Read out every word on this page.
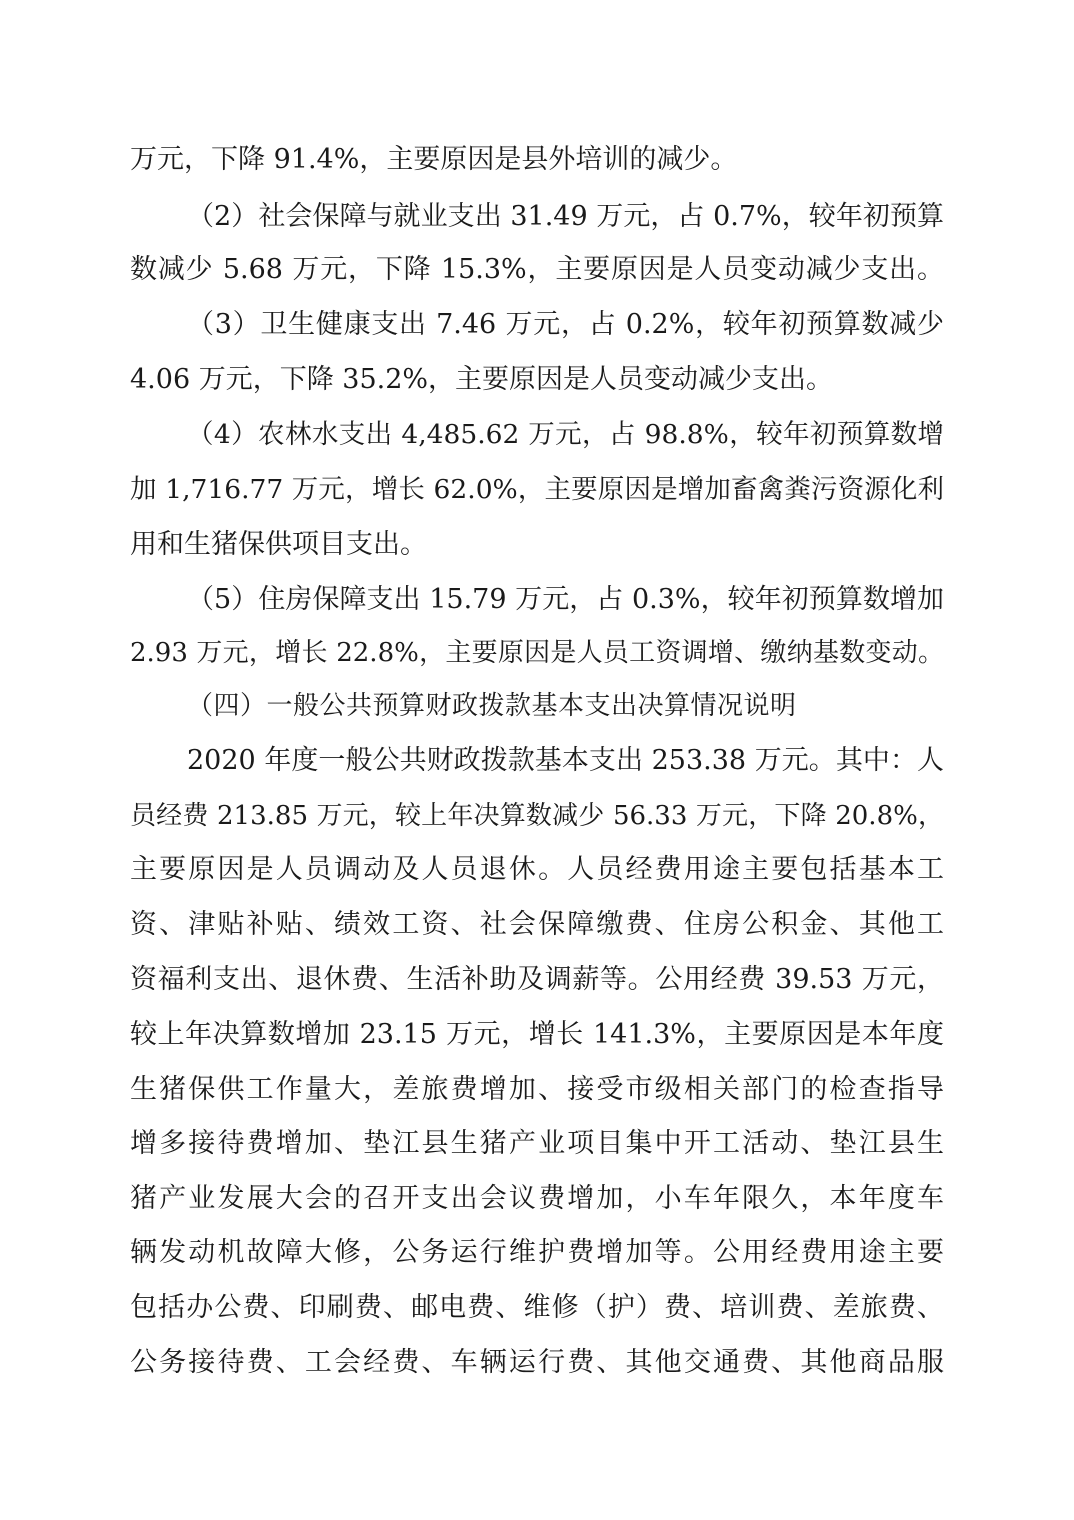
万元，下降 91.4%，主要原因是县外培训的减少。
（2）社会保障与就业支出 31.49 万元，占 0.7%，较年初预算
数减少 5.68 万元，下降 15.3%，主要原因是人员变动减少支出。
（3）卫生健康支出 7.46 万元，占 0.2%，较年初预算数减少
4.06 万元，下降 35.2%，主要原因是人员变动减少支出。
（4）农林水支出 4,485.62 万元，占 98.8%，较年初预算数增
加 1,716.77 万元，增长 62.0%，主要原因是增加畜禽粪污资源化利
用和生猪保供项目支出。
（5）住房保障支出 15.79 万元，占 0.3%，较年初预算数增加
2.93 万元，增长 22.8%，主要原因是人员工资调增、缴纳基数变动。
（四）一般公共预算财政拨款基本支出决算情况说明
2020 年度一般公共财政拨款基本支出 253.38 万元。其中：人
员经费 213.85 万元，较上年决算数减少 56.33 万元，下降 20.8%，
主要原因是人员调动及人员退休。人员经费用途主要包括基本工
资、津贴补贴、绩效工资、社会保障缴费、住房公积金、其他工
资福利支出、退休费、生活补助及调薪等。公用经费 39.53 万元，
较上年决算数增加 23.15 万元，增长 141.3%，主要原因是本年度
生猪保供工作量大，差旅费增加、接受市级相关部门的检查指导
增多接待费增加、垫江县生猪产业项目集中开工活动、垫江县生
猪产业发展大会的召开支出会议费增加，小车年限久，本年度车
辆发动机故障大修，公务运行维护费增加等。公用经费用途主要
包括办公费、印刷费、邮电费、维修（护）费、培训费、差旅费、
公务接待费、工会经费、车辆运行费、其他交通费、其他商品服
